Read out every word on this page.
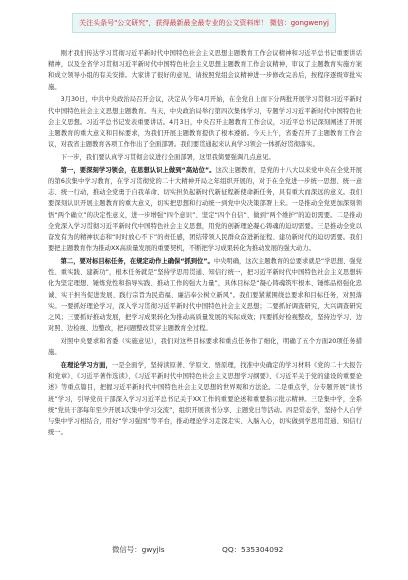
关注头条号"公文研究"，获得最新最全最专业的公文资料库！ 微信：gongwenyj

刚才我们传达学习贯彻习近平新时代中国特色社会主义思想主题教育工作会议精神和习近平总书记重要讲话精神，以及全省学习贯彻习近平新时代中国特色社会主义思想主题教育工作会议精神，审议了主题教育实施方案和成立领导小组的有关安排。大家讲了很好的意见，请按照党组会议精神进一步修改完善后，按程序逐级审批实施。

3月30日，中共中央政治局召开会议，决定从今年4月开始，在全党自上而下分两批开展学习贯彻习近平新时代中国特色社会主义思想主题教育。当天，中央政治局举行第四次集体学习，专题学习习近平新时代中国特色社会主义思想。习近平总书记发表重要讲话。4月3日，中央召开主题教育工作会议，习近平总书记深刻阐述了开展主题教育的重大意义和目标要求，为我们开展主题教育提供了根本遵循。今天上午，省委召开了主题教育工作会议，对我省主题教育各项工作作出了全面部署。我们要贯通起来认真学习领会一体抓好贯彻落实。

下一步，我们要认真学习贯彻会议进行全面部署，这里我简要强调几点意见。

第一，要深刻学习领会，在思想认识上做到“高站位”。这次主题教育，是党的十八大以来党中央在全党开展的第6次集中学习教育，在学习贯彻党的二十大精神开局之年组织开展的，对于在全党进一步统一思想、统一意志、统一行动，推动全党勇于自我革命、切实担负起新时代新征程新使命新任务，具有重大而深远的意义。我们要深刻认识开展主题教育的重大意义，切实把思想和行动统一到党中央决策部署上来。一是推动全党更加深刻领悟“两个确立”的决定性意义，进一步增强“四个意识”、坚定“四个自信”、做到“两个维护”的迫切需要。二是推动全党深入学习贯彻习近平新时代中国特色社会主义思想，用党的创新理论凝心铸魂的迫切需要。三是推动全党以奋发有为的精神状态和“时时放心不下”的责任感，团结带领人民群众奋进新征程、建功新时代的迫切需要。我们要把主题教育作为推动XX高质量发展的重要契机，不断把学习成果转化为推动发展的强大动力。

第二，要对标目标任务，在规定动作上确保“抓到位”。中央明确，这次主题教育的总要求就是“学思想、强党性、重实践、建新功”，根本任务就是“坚持学思用贯通、知信行统一，把习近平新时代中国特色社会主义思想转化为坚定理想、锤炼党性和指导实践、推动工作的强大力量”，具体目标是“凝心铸魂筑牢根本、锤炼品格强化忠诚、实干担当促进发展、践行宗旨为民造福、廉洁奉公树立新风”。我们要紧紧围绕总要求和目标任务，对照落实。一要抓好理论学习，深入学习贯彻习近平新时代中国特色社会主义思想；二要抓好调查研究，大兴调查研究之风；三要抓好推动发展，把学习成果转化为推动高质量发展的实际成效；四要抓好检视整改，坚持边学习、边对照、边检视、边整改，把问题整改贯穿主题教育全过程。

对照中央要求和省委（实施意见），我们对这些目标要求和重点任务作了细化，明确了五个方面20项任务措施。

在理论学习方面，一是全面学，坚持读原著、学原文、悟原理，找准中央确定的学习材料《党的二十大报告和党章》、《习近平著作选读》、《习近平新时代中国特色社会主义思想学习纲要》、《习近平关于党的建设的重要论述》等重点篇目，把握习近平新时代中国特色社会主义思想的世界观和方法论。二是重点学，分专题开展“读书班”学习，引导党员干部深入学习习近平总书记关于XX工作的重要论述和重要指示批示精神。三是集中学，全系统“党员干部每年至少开展1次集中学习交流”，组织开展读书分享、主题党日等活动。四是常态学，坚持个人自学与集中学习相结合，用好“学习强国”等平台，推动理论学习走深走实、入脑入心，切实做到学思用贯通、知信行统一。

微信号：gwyjls	QQ：535304092
